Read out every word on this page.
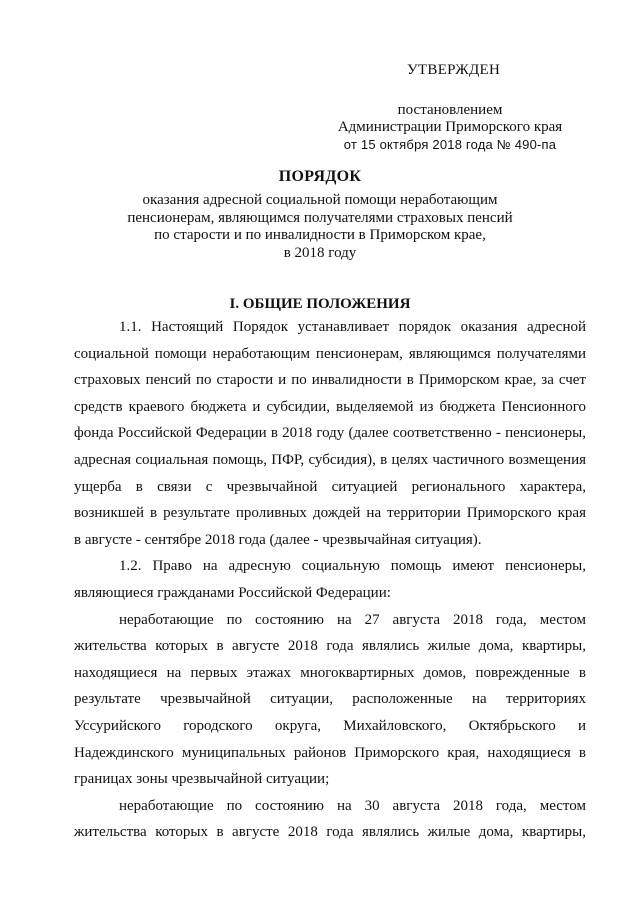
УТВЕРЖДЕН

постановлением
Администрации Приморского края
от 15 октября 2018 года № 490-па
ПОРЯДОК
оказания адресной социальной помощи неработающим
пенсионерам, являющимся получателями страховых пенсий
по старости и по инвалидности в Приморском крае,
в 2018 году
I. ОБЩИЕ ПОЛОЖЕНИЯ
1.1. Настоящий Порядок устанавливает порядок оказания адресной
социальной помощи неработающим пенсионерам, являющимся получателями
страховых пенсий по старости и по инвалидности в Приморском крае, за счет
средств краевого бюджета и субсидии, выделяемой из бюджета Пенсионного
фонда Российской Федерации в 2018 году (далее соответственно - пенсионеры,
адресная социальная помощь, ПФР, субсидия), в целях частичного возмещения
ущерба в связи с чрезвычайной ситуацией регионального характера,
возникшей в результате проливных дождей на территории Приморского края
в августе - сентябре 2018 года (далее - чрезвычайная ситуация).
1.2. Право на адресную социальную помощь имеют пенсионеры,
являющиеся гражданами Российской Федерации:
неработающие по состоянию на 27 августа 2018 года, местом
жительства которых в августе 2018 года являлись жилые дома, квартиры,
находящиеся на первых этажах многоквартирных домов, поврежденные в
результате чрезвычайной ситуации, расположенные на территориях
Уссурийского городского округа, Михайловского, Октябрьского и
Надеждинского муниципальных районов Приморского края, находящиеся в
границах зоны чрезвычайной ситуации;
неработающие по состоянию на 30 августа 2018 года, местом
жительства которых в августе 2018 года являлись жилые дома, квартиры,
